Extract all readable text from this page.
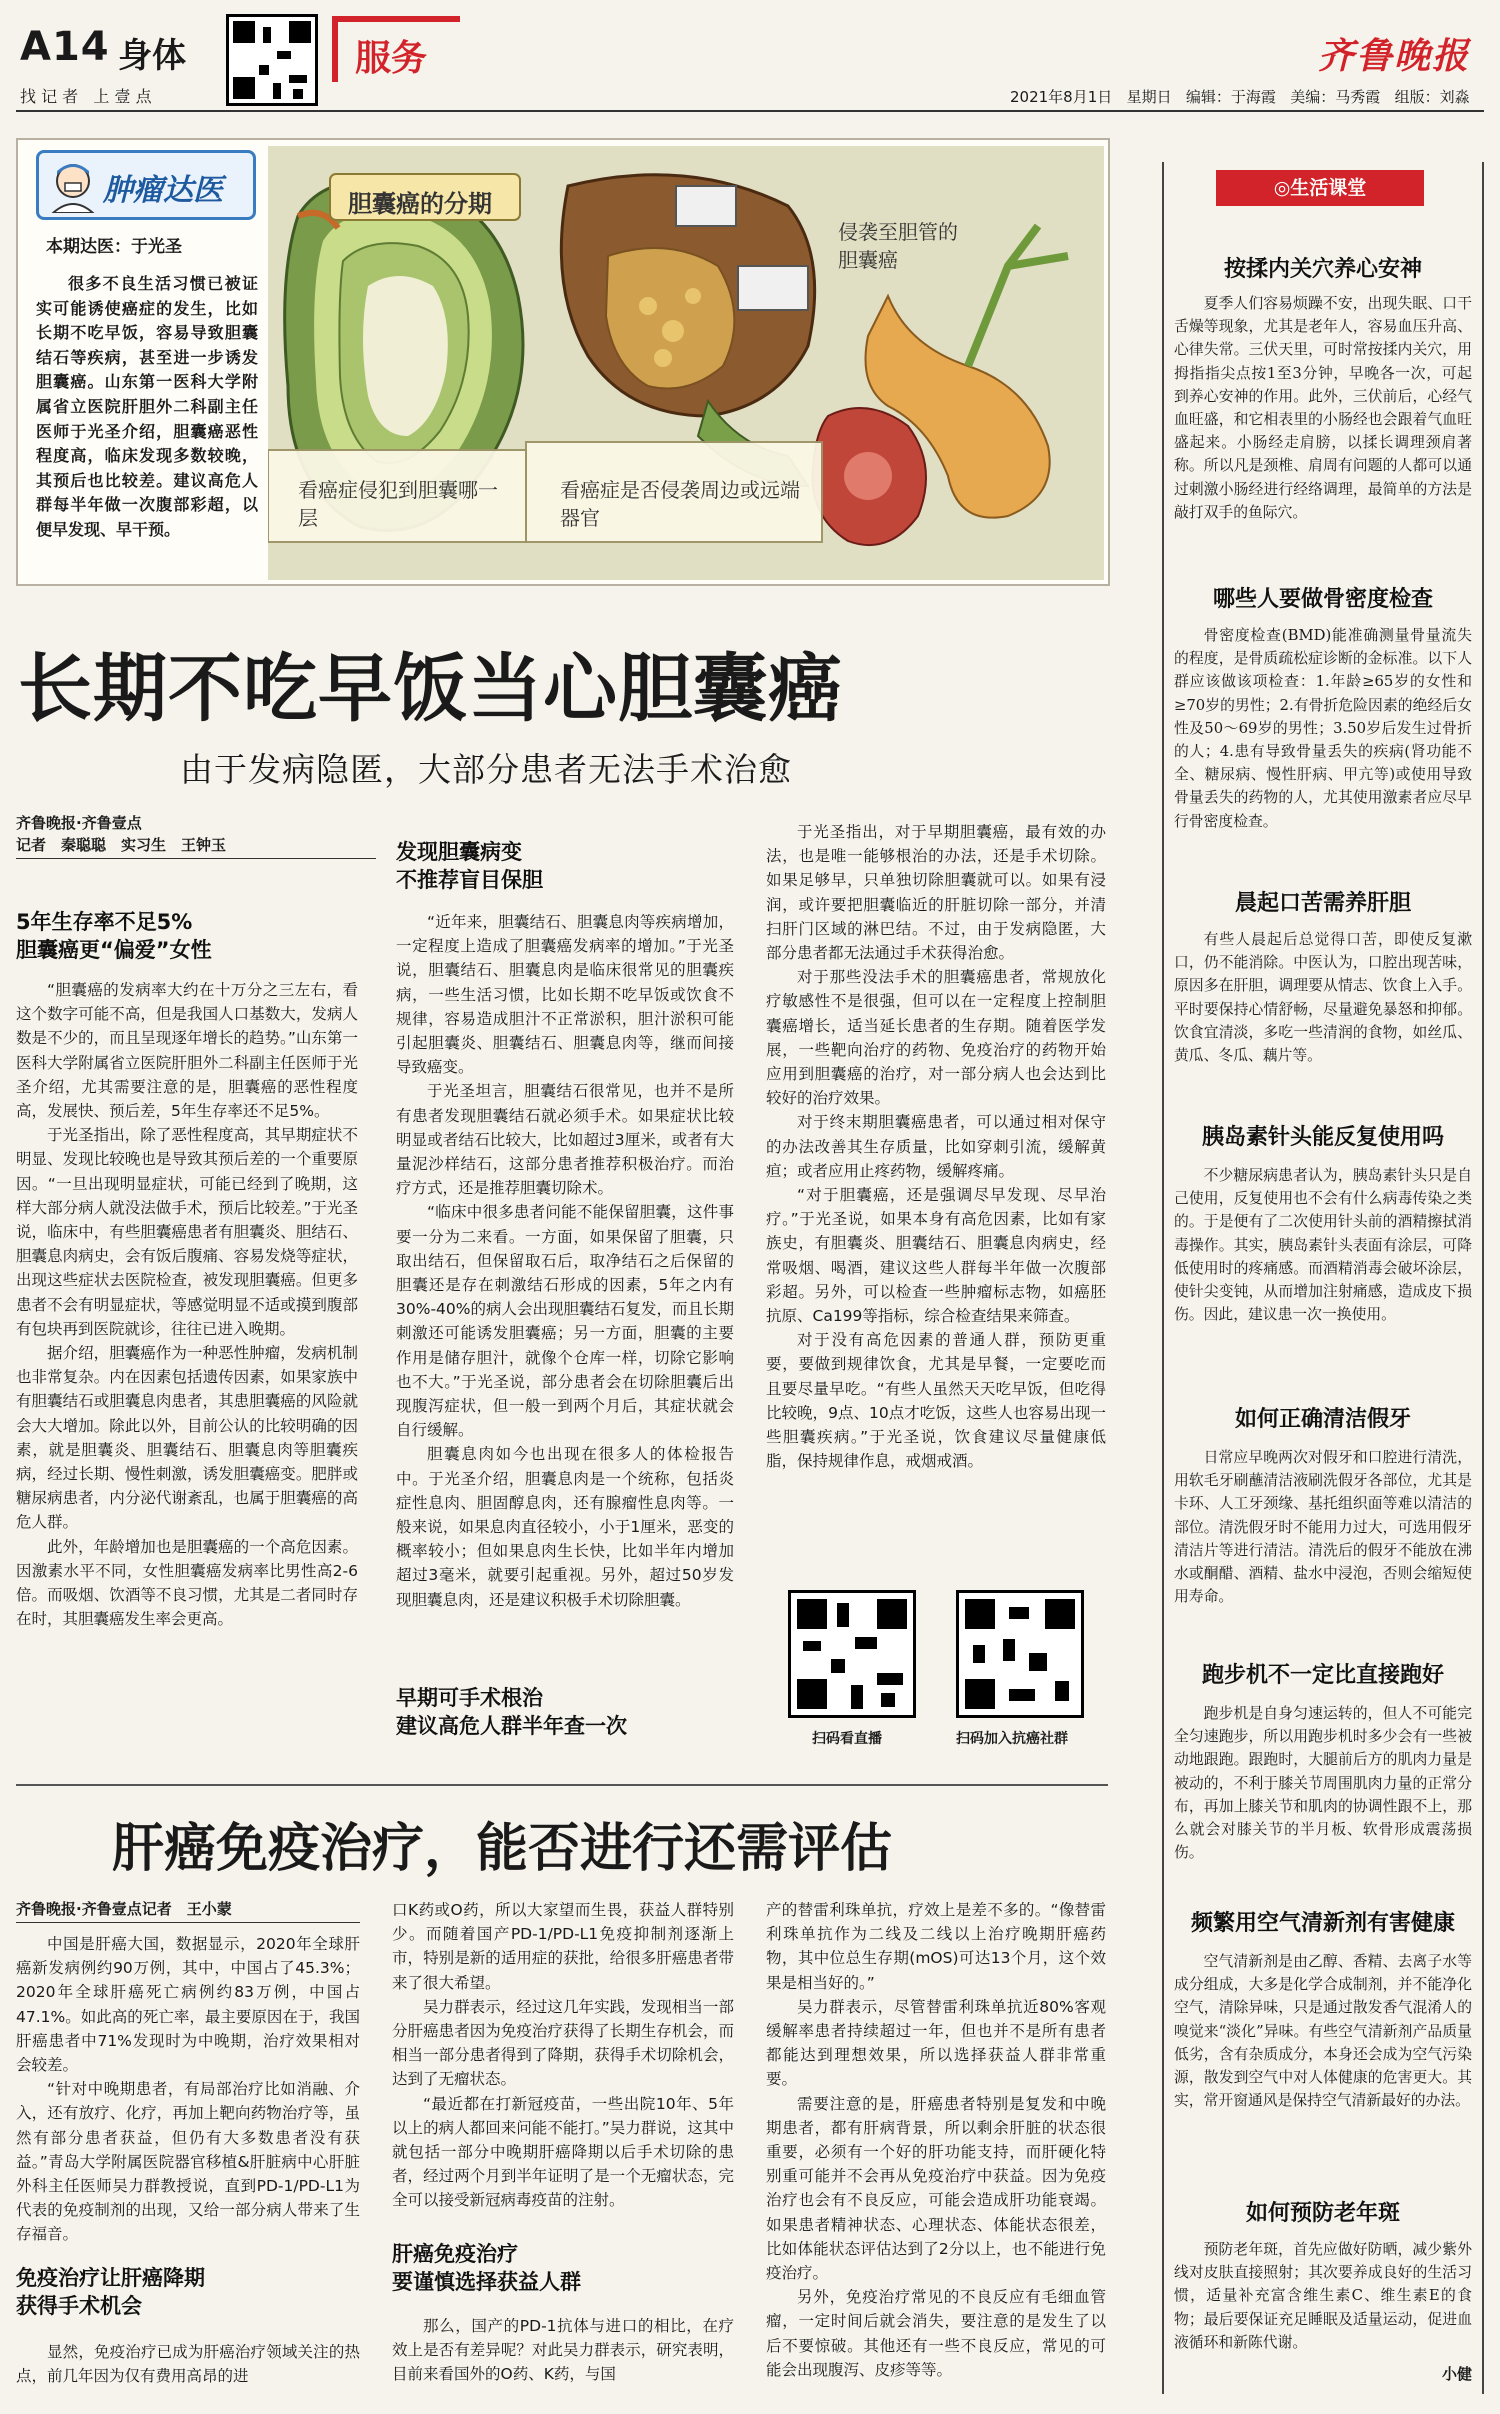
A14 身体
找 记 者   上 壹 点
服务	齐鲁晚报
2021年8月1日 星期日 编辑：于海霞 美编：马秀霞 组版：刘淼
肿瘤达医
本期达医：于光圣

很多不良生活习惯已被证实可能诱使癌症的发生，比如长期不吃早饭，容易导致胆囊结石等疾病，甚至进一步诱发胆囊癌。山东第一医科大学附属省立医院肝胆外二科副主任医师于光圣介绍，胆囊癌恶性程度高，临床发现多数较晚，其预后也比较差。建议高危人群每半年做一次腹部彩超，以便早发现、早干预。

胆囊癌的分期
侵袭至胆管的胆囊癌
看癌症侵犯到胆囊哪一层
看癌症是否侵袭周边或远端器官
长期不吃早饭当心胆囊癌
由于发病隐匿，大部分患者无法手术治愈
齐鲁晚报·齐鲁壹点
记者　秦聪聪　实习生　王钟玉
5年生存率不足5%
胆囊癌更“偏爱”女性

“胆囊癌的发病率大约在十万分之三左右，看这个数字可能不高，但是我国人口基数大，发病人数是不少的，而且呈现逐年增长的趋势。”山东第一医科大学附属省立医院肝胆外二科副主任医师于光圣介绍，尤其需要注意的是，胆囊癌的恶性程度高，发展快、预后差，5年生存率还不足5%。

于光圣指出，除了恶性程度高，其早期症状不明显、发现比较晚也是导致其预后差的一个重要原因。“一旦出现明显症状，可能已经到了晚期，这样大部分病人就没法做手术，预后比较差。”于光圣说，临床中，有些胆囊癌患者有胆囊炎、胆结石、胆囊息肉病史，会有饭后腹痛、容易发烧等症状，出现这些症状去医院检查，被发现胆囊癌。但更多患者不会有明显症状，等感觉明显不适或摸到腹部有包块再到医院就诊，往往已进入晚期。

据介绍，胆囊癌作为一种恶性肿瘤，发病机制也非常复杂。内在因素包括遗传因素，如果家族中有胆囊结石或胆囊息肉患者，其患胆囊癌的风险就会大大增加。除此以外，目前公认的比较明确的因素，就是胆囊炎、胆囊结石、胆囊息肉等胆囊疾病，经过长期、慢性刺激，诱发胆囊癌变。肥胖或糖尿病患者，内分泌代谢紊乱，也属于胆囊癌的高危人群。

此外，年龄增加也是胆囊癌的一个高危因素。因激素水平不同，女性胆囊癌发病率比男性高2-6倍。而吸烟、饮酒等不良习惯，尤其是二者同时存在时，其胆囊癌发生率会更高。

发现胆囊病变
不推荐盲目保胆

“近年来，胆囊结石、胆囊息肉等疾病增加，一定程度上造成了胆囊癌发病率的增加。”于光圣说，胆囊结石、胆囊息肉是临床很常见的胆囊疾病，一些生活习惯，比如长期不吃早饭或饮食不规律，容易造成胆汁不正常淤积，胆汁淤积可能引起胆囊炎、胆囊结石、胆囊息肉等，继而间接导致癌变。

于光圣坦言，胆囊结石很常见，也并不是所有患者发现胆囊结石就必须手术。如果症状比较明显或者结石比较大，比如超过3厘米，或者有大量泥沙样结石，这部分患者推荐积极治疗。而治疗方式，还是推荐胆囊切除术。

“临床中很多患者问能不能保留胆囊，这件事要一分为二来看。一方面，如果保留了胆囊，只取出结石，但保留取石后，取净结石之后保留的胆囊还是存在刺激结石形成的因素，5年之内有30%-40%的病人会出现胆囊结石复发，而且长期刺激还可能诱发胆囊癌；另一方面，胆囊的主要作用是储存胆汁，就像个仓库一样，切除它影响也不大。”于光圣说，部分患者会在切除胆囊后出现腹泻症状，但一般一到两个月后，其症状就会自行缓解。

胆囊息肉如今也出现在很多人的体检报告中。于光圣介绍，胆囊息肉是一个统称，包括炎症性息肉、胆固醇息肉，还有腺瘤性息肉等。一般来说，如果息肉直径较小，小于1厘米，恶变的概率较小；但如果息肉生长快，比如半年内增加超过3毫米，就要引起重视。另外，超过50岁发现胆囊息肉，还是建议积极手术切除胆囊。

早期可手术根治
建议高危人群半年查一次

于光圣指出，对于早期胆囊癌，最有效的办法，也是唯一能够根治的办法，还是手术切除。如果足够早，只单独切除胆囊就可以。如果有浸润，或许要把胆囊临近的肝脏切除一部分，并清扫肝门区域的淋巴结。不过，由于发病隐匿，大部分患者都无法通过手术获得治愈。

对于那些没法手术的胆囊癌患者，常规放化疗敏感性不是很强，但可以在一定程度上控制胆囊癌增长，适当延长患者的生存期。随着医学发展，一些靶向治疗的药物、免疫治疗的药物开始应用到胆囊癌的治疗，对一部分病人也会达到比较好的治疗效果。

对于终末期胆囊癌患者，可以通过相对保守的办法改善其生存质量，比如穿刺引流，缓解黄疸；或者应用止疼药物，缓解疼痛。

“对于胆囊癌，还是强调尽早发现、尽早治疗。”于光圣说，如果本身有高危因素，比如有家族史，有胆囊炎、胆囊结石、胆囊息肉病史，经常吸烟、喝酒，建议这些人群每半年做一次腹部彩超。另外，可以检查一些肿瘤标志物，如癌胚抗原、Ca199等指标，综合检查结果来筛查。

对于没有高危因素的普通人群，预防更重要，要做到规律饮食，尤其是早餐，一定要吃而且要尽量早吃。“有些人虽然天天吃早饭，但吃得比较晚，9点、10点才吃饭，这些人也容易出现一些胆囊疾病。”于光圣说，饮食建议尽量健康低脂，保持规律作息，戒烟戒酒。

扫码看直播	扫码加入抗癌社群
肝癌免疫治疗，能否进行还需评估
齐鲁晚报·齐鲁壹点记者　王小蒙

中国是肝癌大国，数据显示，2020年全球肝癌新发病例约90万例，其中，中国占了45.3%；2020年全球肝癌死亡病例约83万例，中国占47.1%。如此高的死亡率，最主要原因在于，我国肝癌患者中71%发现时为中晚期，治疗效果相对会较差。

“针对中晚期患者，有局部治疗比如消融、介入，还有放疗、化疗，再加上靶向药物治疗等，虽然有部分患者获益，但仍有大多数患者没有获益。”青岛大学附属医院器官移植&肝脏病中心肝脏外科主任医师吴力群教授说，直到PD-1/PD-L1为代表的免疫制剂的出现，又给一部分病人带来了生存福音。

免疫治疗让肝癌降期
获得手术机会

显然，免疫治疗已成为肝癌治疗领域关注的热点，前几年因为仅有费用高昂的进

口K药或O药，所以大家望而生畏，获益人群特别少。而随着国产PD-1/PD-L1免疫抑制剂逐渐上市，特别是新的适用症的获批，给很多肝癌患者带来了很大希望。

吴力群表示，经过这几年实践，发现相当一部分肝癌患者因为免疫治疗获得了长期生存机会，而相当一部分患者得到了降期，获得手术切除机会，达到了无瘤状态。

“最近都在打新冠疫苗，一些出院10年、5年以上的病人都回来问能不能打。”吴力群说，这其中就包括一部分中晚期肝癌降期以后手术切除的患者，经过两个月到半年证明了是一个无瘤状态，完全可以接受新冠病毒疫苗的注射。

肝癌免疫治疗
要谨慎选择获益人群

那么，国产的PD-1抗体与进口的相比，在疗效上是否有差异呢？对此吴力群表示，研究表明，目前来看国外的O药、K药，与国

产的替雷利珠单抗，疗效上是差不多的。“像替雷利珠单抗作为二线及二线以上治疗晚期肝癌药物，其中位总生存期(mOS)可达13个月，这个效果是相当好的。”

吴力群表示，尽管替雷利珠单抗近80%客观缓解率患者持续超过一年，但也并不是所有患者都能达到理想效果，所以选择获益人群非常重要。

需要注意的是，肝癌患者特别是复发和中晚期患者，都有肝病背景，所以剩余肝脏的状态很重要，必须有一个好的肝功能支持，而肝硬化特别重可能并不会再从免疫治疗中获益。因为免疫治疗也会有不良反应，可能会造成肝功能衰竭。如果患者精神状态、心理状态、体能状态很差，比如体能状态评估达到了2分以上，也不能进行免疫治疗。

另外，免疫治疗常见的不良反应有毛细血管瘤，一定时间后就会消失，要注意的是发生了以后不要惊破。其他还有一些不良反应，常见的可能会出现腹泻、皮疹等等。

◎生活课堂
按揉内关穴养心安神

夏季人们容易烦躁不安，出现失眠、口干舌燥等现象，尤其是老年人，容易血压升高、心律失常。三伏天里，可时常按揉内关穴，用拇指指尖点按1至3分钟，早晚各一次，可起到养心安神的作用。此外，三伏前后，心经气血旺盛，和它相表里的小肠经也会跟着气血旺盛起来。小肠经走肩膀，以揉长调理颈肩著称。所以凡是颈椎、肩周有问题的人都可以通过刺激小肠经进行经络调理，最简单的方法是敲打双手的鱼际穴。

哪些人要做骨密度检查

骨密度检查(BMD)能准确测量骨量流失的程度，是骨质疏松症诊断的金标准。以下人群应该做该项检查：1.年龄≥65岁的女性和≥70岁的男性；2.有骨折危险因素的绝经后女性及50～69岁的男性；3.50岁后发生过骨折的人；4.患有导致骨量丢失的疾病(肾功能不全、糖尿病、慢性肝病、甲亢等)或使用导致骨量丢失的药物的人，尤其使用激素者应尽早行骨密度检查。

晨起口苦需养肝胆

有些人晨起后总觉得口苦，即使反复漱口，仍不能消除。中医认为，口腔出现苦味，原因多在肝胆，调理要从情志、饮食上入手。平时要保持心情舒畅，尽量避免暴怒和抑郁。饮食宜清淡，多吃一些清润的食物，如丝瓜、黄瓜、冬瓜、藕片等。

胰岛素针头能反复使用吗

不少糖尿病患者认为，胰岛素针头只是自己使用，反复使用也不会有什么病毒传染之类的。于是便有了二次使用针头前的酒精擦拭消毒操作。其实，胰岛素针头表面有涂层，可降低使用时的疼痛感。而酒精消毒会破坏涂层，使针尖变钝，从而增加注射痛感，造成皮下损伤。因此，建议患一次一换使用。

如何正确清洁假牙

日常应早晚两次对假牙和口腔进行清洗，用软毛牙刷蘸清洁液刷洗假牙各部位，尤其是卡环、人工牙颈缘、基托组织面等难以清洁的部位。清洗假牙时不能用力过大，可选用假牙清洁片等进行清洁。清洗后的假牙不能放在沸水或酮醋、酒精、盐水中浸泡，否则会缩短使用寿命。

跑步机不一定比直接跑好

跑步机是自身匀速运转的，但人不可能完全匀速跑步，所以用跑步机时多少会有一些被动地跟跑。跟跑时，大腿前后方的肌肉力量是被动的，不利于膝关节周围肌肉力量的正常分布，再加上膝关节和肌肉的协调性跟不上，那么就会对膝关节的半月板、软骨形成震荡损伤。

频繁用空气清新剂有害健康

空气清新剂是由乙醇、香精、去离子水等成分组成，大多是化学合成制剂，并不能净化空气，清除异味，只是通过散发香气混淆人的嗅觉来“淡化”异味。有些空气清新剂产品质量低劣，含有杂质成分，本身还会成为空气污染源，散发到空气中对人体健康的危害更大。其实，常开窗通风是保持空气清新最好的办法。

如何预防老年斑

预防老年斑，首先应做好防晒，减少紫外线对皮肤直接照射；其次要养成良好的生活习惯，适量补充富含维生素C、维生素E的食物；最后要保证充足睡眠及适量运动，促进血液循环和新陈代谢。

小健
